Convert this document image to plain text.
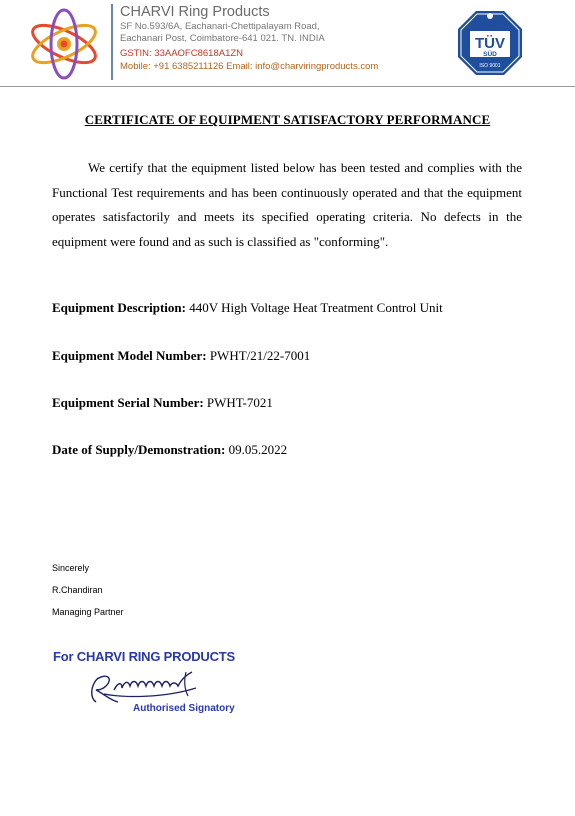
CHARVI Ring Products
SF No.593/6A, Eachanari-Chettipalayam Road,
Eachanari Post, Coimbatore-641 021. TN. INDIA
GSTIN: 33AAOFC8618A1ZN
Mobile: +91 6385211126 Email: info@charviringproducts.com
TÜV
SÜD
ISO 9001
CERTIFICATE OF EQUIPMENT SATISFACTORY PERFORMANCE

We certify that the equipment listed below has been tested and complies with the Functional Test requirements and has been continuously operated and that the equipment operates satisfactorily and meets its specified operating criteria. No defects in the equipment were found and as such is classified as "conforming".

Equipment Description: 440V High Voltage Heat Treatment Control Unit
Equipment Model Number: PWHT/21/22-7001
Equipment Serial Number: PWHT-7021
Date of Supply/Demonstration: 09.05.2022
Sincerely
R.Chandiran
Managing Partner
For CHARVI RING PRODUCTS
Authorised Signatory
